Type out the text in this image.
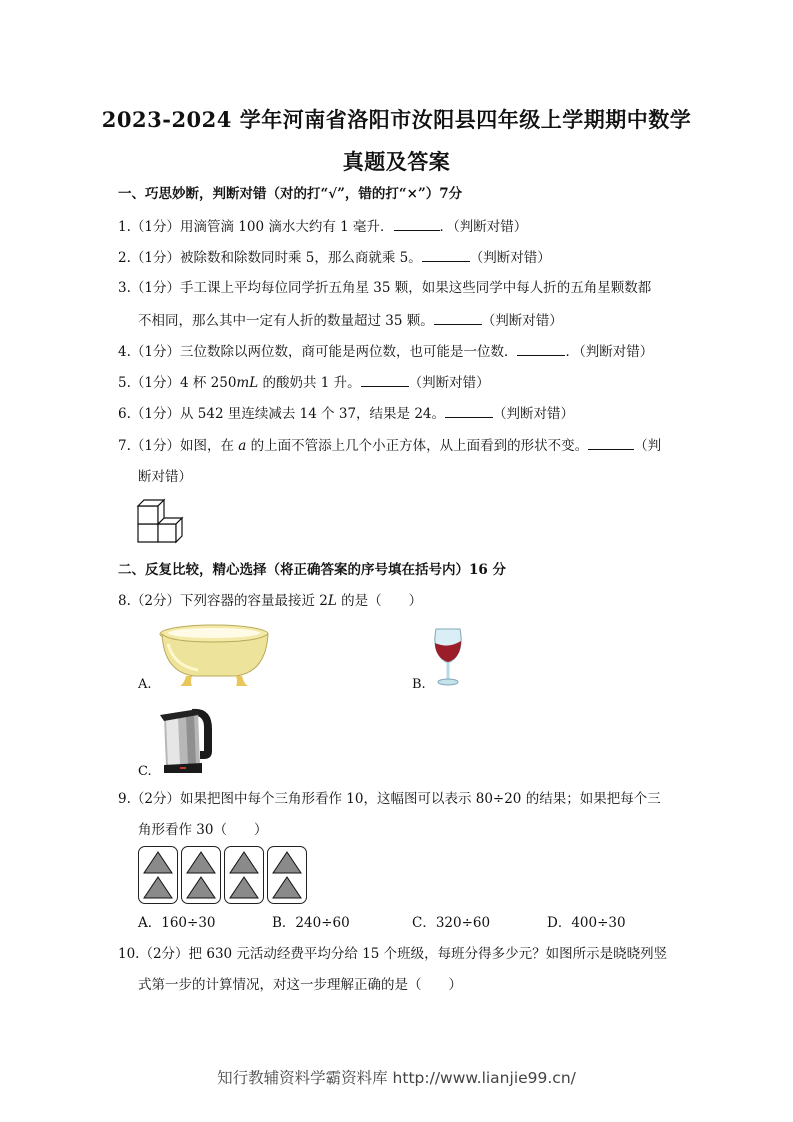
2023-2024 学年河南省洛阳市汝阳县四年级上学期期中数学
真题及答案
一、巧思妙断，判断对错（对的打“√”，错的打“×”）7分
1.（1分）用滴管滴 100 滴水大约有 1 毫升．	．（判断对错）
2.（1分）被除数和除数同时乘 5，那么商就乘 5。	（判断对错）
3.（1分）手工课上平均每位同学折五角星 35 颗，如果这些同学中每人折的五角星颗数都
不相同，那么其中一定有人折的数量超过 35 颗。	（判断对错）
4.（1分）三位数除以两位数，商可能是两位数，也可能是一位数．	．（判断对错）
5.（1分）4 杯 250mL 的酸奶共 1 升。	（判断对错）
6.（1分）从 542 里连续减去 14 个 37，结果是 24。	（判断对错）
7.（1分）如图，在 a 的上面不管添上几个小正方体，从上面看到的形状不变。	（判
断对错）
二、反复比较，精心选择（将正确答案的序号填在括号内）16 分
8.（2分）下列容器的容量最接近 2L 的是（　　）
A.	B.
C.
9.（2分）如果把图中每个三角形看作 10，这幅图可以表示 80÷20 的结果；如果把每个三
角形看作 30（　　）
A．160÷30	B．240÷60	C．320÷60	D．400÷30
10.（2分）把 630 元活动经费平均分给 15 个班级，每班分得多少元？如图所示是晓晓列竖
式第一步的计算情况，对这一步理解正确的是（　　）
知行教辅资料学霸资料库 http://www.lianjie99.cn/
